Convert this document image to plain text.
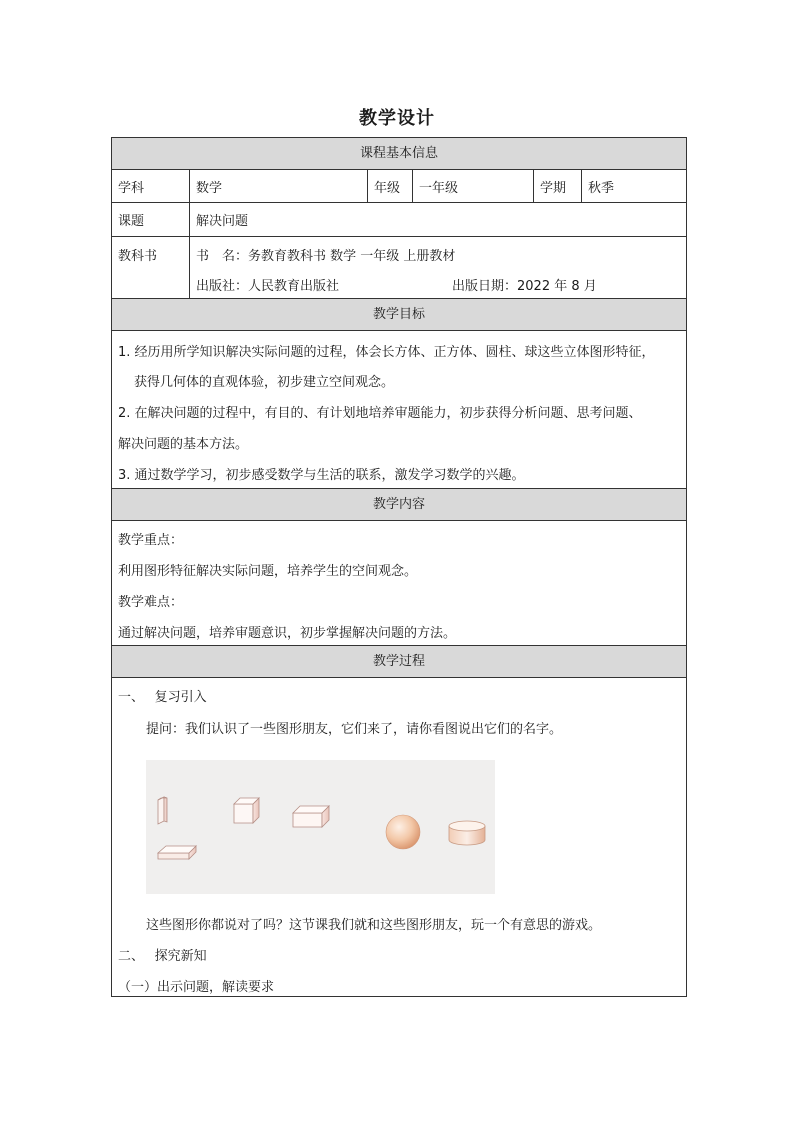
教学设计
课程基本信息
学科	数学	年级	一年级	学期	秋季
课题	解决问题
教科书	书　名：务教育教科书 数学 一年级 上册教材
出版社：人民教育出版社	出版日期：2022 年 8 月
教学目标
1. 经历用所学知识解决实际问题的过程，体会长方体、正方体、圆柱、球这些立体图形特征，
获得几何体的直观体验，初步建立空间观念。
2. 在解决问题的过程中，有目的、有计划地培养审题能力，初步获得分析问题、思考问题、
解决问题的基本方法。
3. 通过数学学习，初步感受数学与生活的联系，激发学习数学的兴趣。
教学内容
教学重点：
利用图形特征解决实际问题，培养学生的空间观念。
教学难点：
通过解决问题，培养审题意识，初步掌握解决问题的方法。
教学过程
一、　 复习引入
提问：我们认识了一些图形朋友，它们来了，请你看图说出它们的名字。
这些图形你都说对了吗？这节课我们就和这些图形朋友，玩一个有意思的游戏。
二、　 探究新知
（一）出示问题，解读要求
